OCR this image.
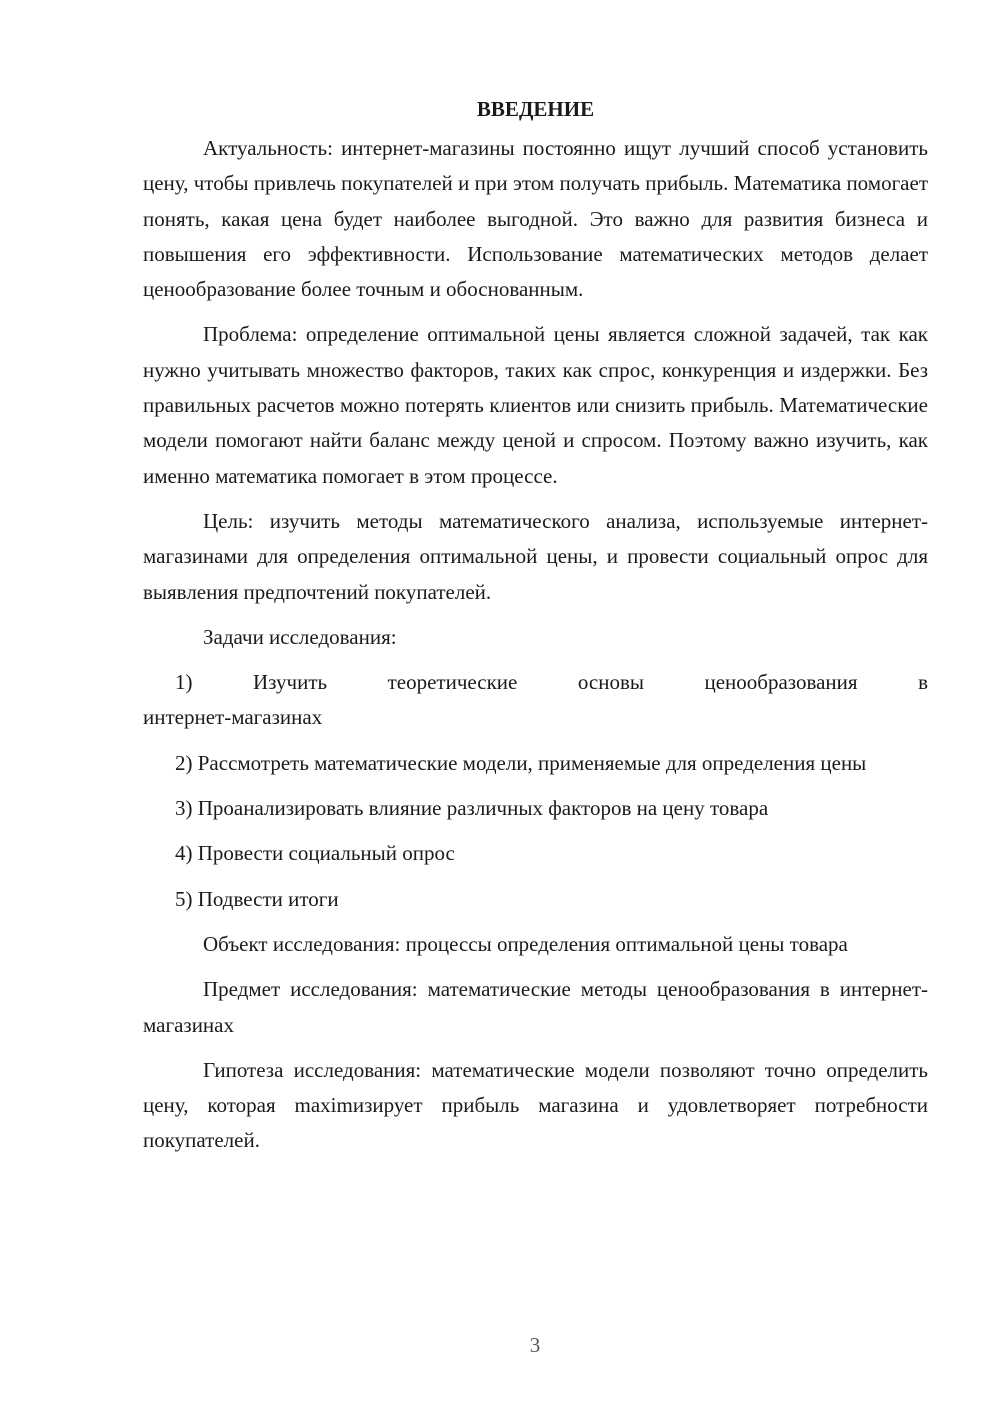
ВВЕДЕНИЕ

Актуальность: интернет-магазины постоянно ищут лучший способ установить цену, чтобы привлечь покупателей и при этом получать прибыль. Математика помогает понять, какая цена будет наиболее выгодной. Это важно для развития бизнеса и повышения его эффективности. Использование математических методов делает ценообразование более точным и обоснованным.

Проблема: определение оптимальной цены является сложной задачей, так как нужно учитывать множество факторов, таких как спрос, конкуренция и издержки. Без правильных расчетов можно потерять клиентов или снизить прибыль. Математические модели помогают найти баланс между ценой и спросом. Поэтому важно изучить, как именно математика помогает в этом процессе.

Цель: изучить методы математического анализа, используемые интернет-магазинами для определения оптимальной цены, и провести социальный опрос для выявления предпочтений покупателей.

Задачи исследования:

1)	Изучить	теоретические	основы	ценообразования	в
интернет-магазинах

2) Рассмотреть математические модели, применяемые для определения цены

3) Проанализировать влияние различных факторов на цену товара

4) Провести социальный опрос

5) Подвести итоги

Объект исследования: процессы определения оптимальной цены товара

Предмет исследования: математические методы ценообразования в интернет-магазинах

Гипотеза исследования: математические модели позволяют точно определить цену, которая maximизирует прибыль магазина и удовлетворяет потребности покупателей.

3
